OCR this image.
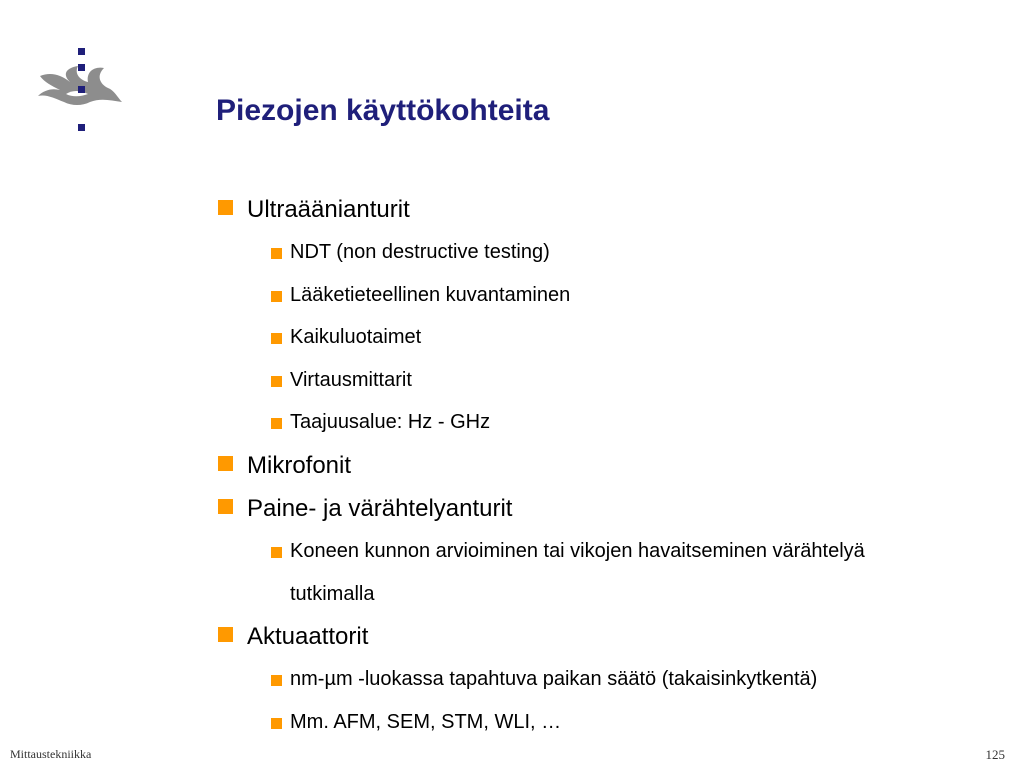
Piezojen käyttökohteita
Ultraäänianturit
NDT (non destructive testing)
Lääketieteellinen kuvantaminen
Kaikuluotaimet
Virtausmittarit
Taajuusalue: Hz - GHz
Mikrofonit
Paine- ja värähtelyanturit
Koneen kunnon arvioiminen tai vikojen havaitseminen värähtelyä tutkimalla
Aktuaattorit
nm-µm -luokassa tapahtuva paikan säätö (takaisinkytkentä)
Mm. AFM, SEM, STM, WLI, …
Mittaustekniikka	125
